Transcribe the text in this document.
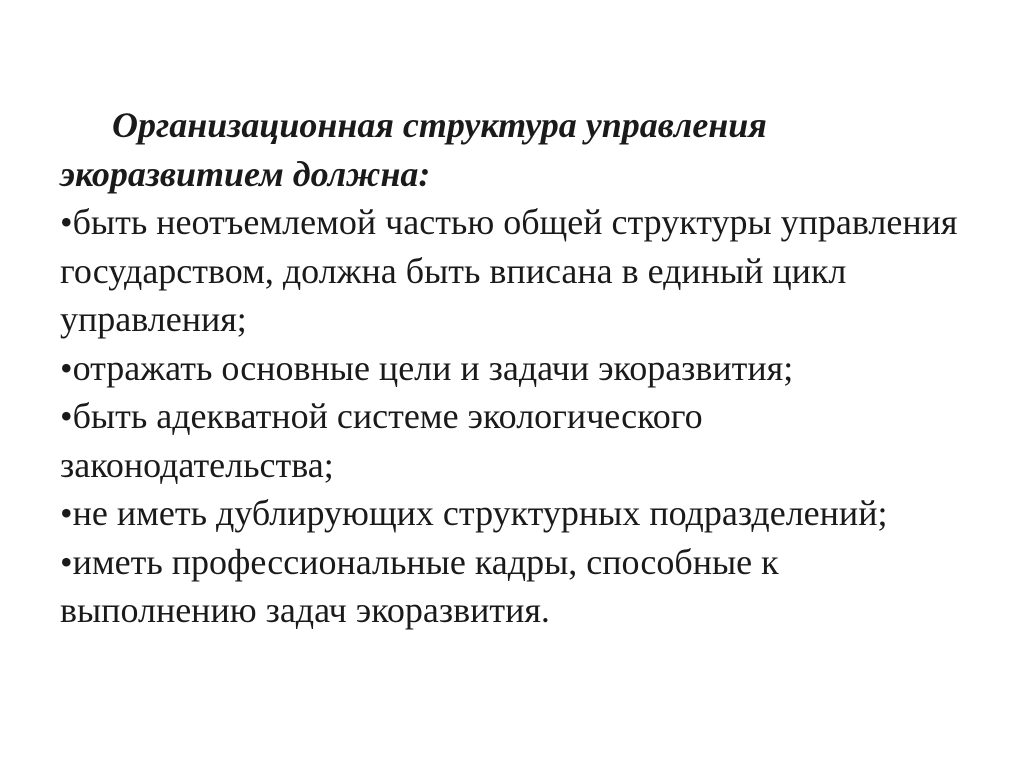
Организационная структура управления
экоразвитием должна:

•быть неотъемлемой частью общей структуры управления государством, должна быть вписана в единый цикл управления;
•отражать основные цели и задачи экоразвития;
•быть адекватной системе экологического законодательства;
•не иметь дублирующих структурных подразделений;
•иметь профессиональные кадры, способные к выполнению задач экоразвития.
